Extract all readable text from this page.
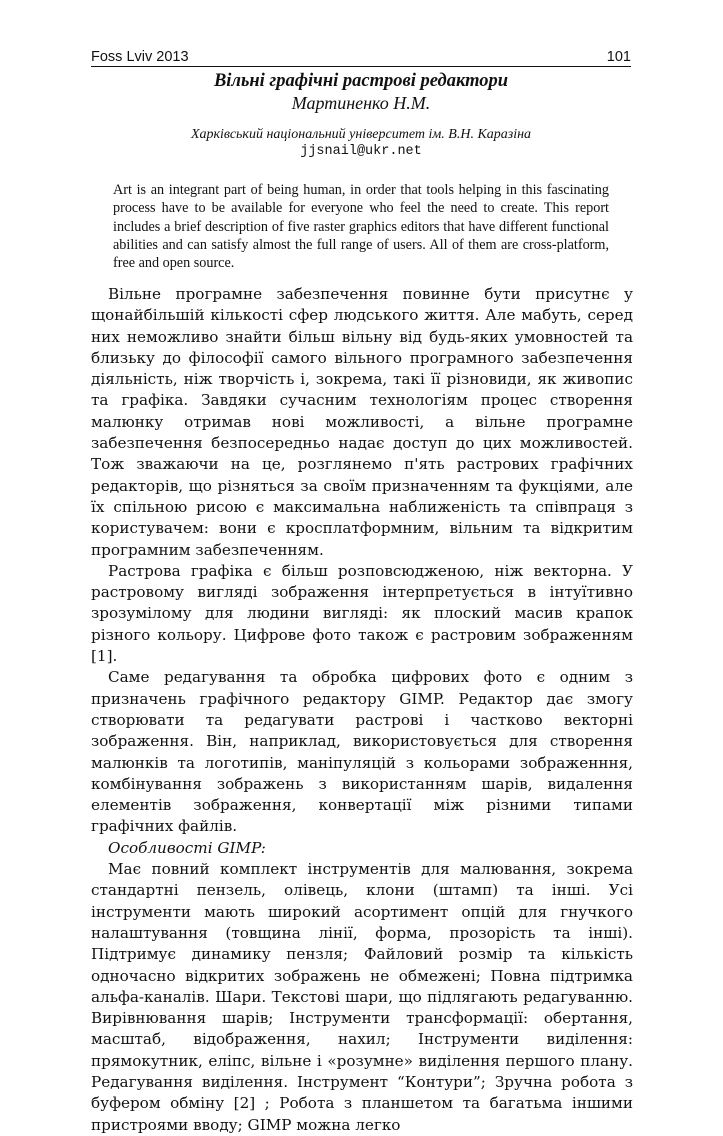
Foss Lviv 2013	101

Вільні графічні растрові редактори

Мартиненко Н.М.

Харківський національний університет ім. В.Н. Каразіна

jjsnail@ukr.net

Art is an integrant part of being human, in order that tools helping in this fascinating process have to be available for everyone who feel the need to create. This report includes a brief description of five raster graphics editors that have different functional abilities and can satisfy almost the full range of users. All of them are cross-platform, free and open source.

Вільне програмне забезпечення повинне бути присутнє у щонайбільшій кількості сфер людського життя. Але мабуть, серед них неможливо знайти більш вільну від будь-яких умовностей та близьку до філософії самого вільного програмного забезпечення діяльність, ніж творчість і, зокрема, такі її різновиди, як живопис та графіка. Завдяки сучасним технологіям процес створення малюнку отримав нові можливості, а вільне програмне забезпечення безпосередньо надає доступ до цих можливостей. Тож зважаючи на це, розглянемо п'ять растрових графічних редакторів, що різняться за своїм призначенням та фукціями, але їх спільною рисою є максимальна наближеність та співпраця з користувачем: вони є кросплатформним, вільним та відкритим програмним забезпеченням.

Растрова графіка є більш розповсюдженою, ніж векторна. У растровому вигляді зображення інтерпретується в інтуїтивно зрозумілому для людини вигляді: як плоский масив крапок різного кольору. Цифрове фото також є растровим зображенням [1].

Саме редагування та обробка цифрових фото є одним з призначень графічного редактору GIMP. Редактор дає змогу створювати та редагувати растрові і частково векторні зображення. Він, наприклад, використовується для створення малюнків та логотипів, маніпуляцій з кольорами зображенння, комбінування зображень з використанням шарів, видалення елементів зображення, конвертації між різними типами графічних файлів.

Особливості GIMP:

Має повний комплект інструментів для малювання, зокрема стандартні пензель, олівець, клони (штамп) та інші. Усі інструменти мають широкий асортимент опцій для гнучкого налаштування (товщина лінії, форма, прозорість та інші). Підтримує динамику пензля; Файловий розмір та кількість одночасно відкритих зображень не обмежені; Повна підтримка альфа-каналів. Шари. Текстові шари, що підлягають редагуванню. Вирівнювання шарів; Інструменти трансформації: обертання, масштаб, відображення, нахил; Інструменти виділення: прямокутник, еліпс, вільне і «розумне» виділення першого плану. Редагування виділення. Інструмент “Контури”; Зручна робота з буфером обміну [2] ; Робота з планшетом та багатьма іншими пристроями вводу; GIMP можна легко
